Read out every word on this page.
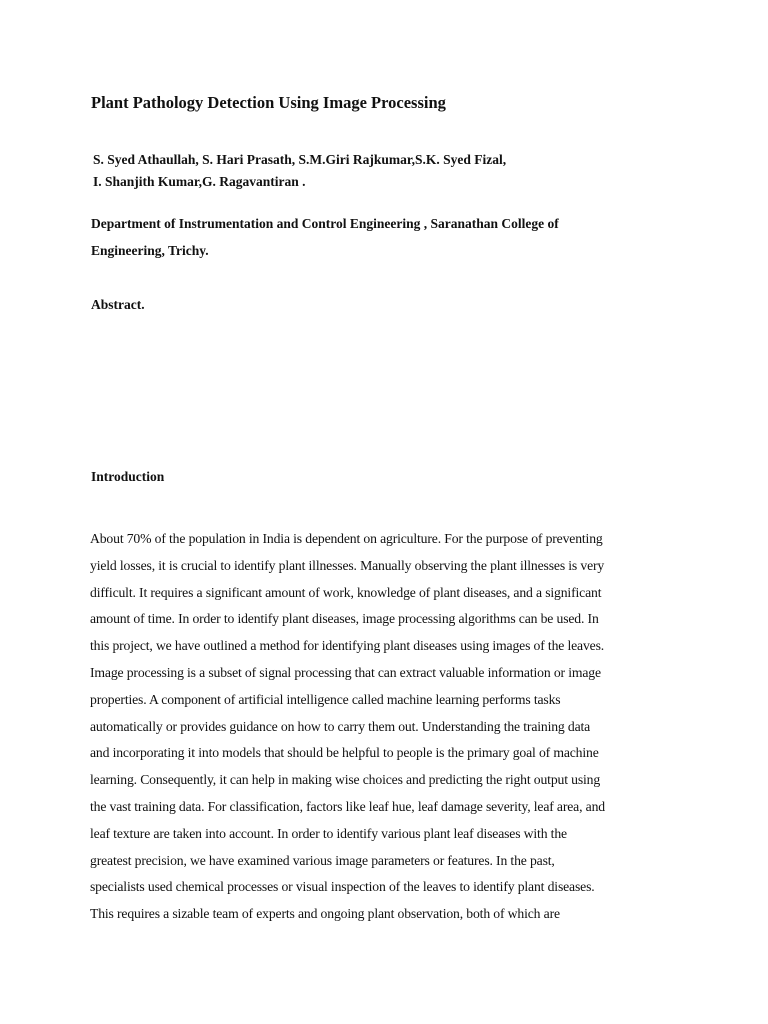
Plant Pathology Detection Using Image Processing
S. Syed Athaullah, S. Hari Prasath, S.M.Giri Rajkumar,S.K. Syed Fizal,
I. Shanjith Kumar,G. Ragavantiran .
Department of Instrumentation and Control Engineering , Saranathan College of
Engineering, Trichy.
Abstract.
Introduction

About 70% of the population in India is dependent on agriculture. For the purpose of preventing
yield losses, it is crucial to identify plant illnesses. Manually observing the plant illnesses is very
difficult. It requires a significant amount of work, knowledge of plant diseases, and a significant
amount of time. In order to identify plant diseases, image processing algorithms can be used. In
this project, we have outlined a method for identifying plant diseases using images of the leaves.
Image processing is a subset of signal processing that can extract valuable information or image
properties. A component of artificial intelligence called machine learning performs tasks
automatically or provides guidance on how to carry them out. Understanding the training data
and incorporating it into models that should be helpful to people is the primary goal of machine
learning. Consequently, it can help in making wise choices and predicting the right output using
the vast training data. For classification, factors like leaf hue, leaf damage severity, leaf area, and
leaf texture are taken into account. In order to identify various plant leaf diseases with the
greatest precision, we have examined various image parameters or features. In the past,
specialists used chemical processes or visual inspection of the leaves to identify plant diseases.
This requires a sizable team of experts and ongoing plant observation, both of which are
